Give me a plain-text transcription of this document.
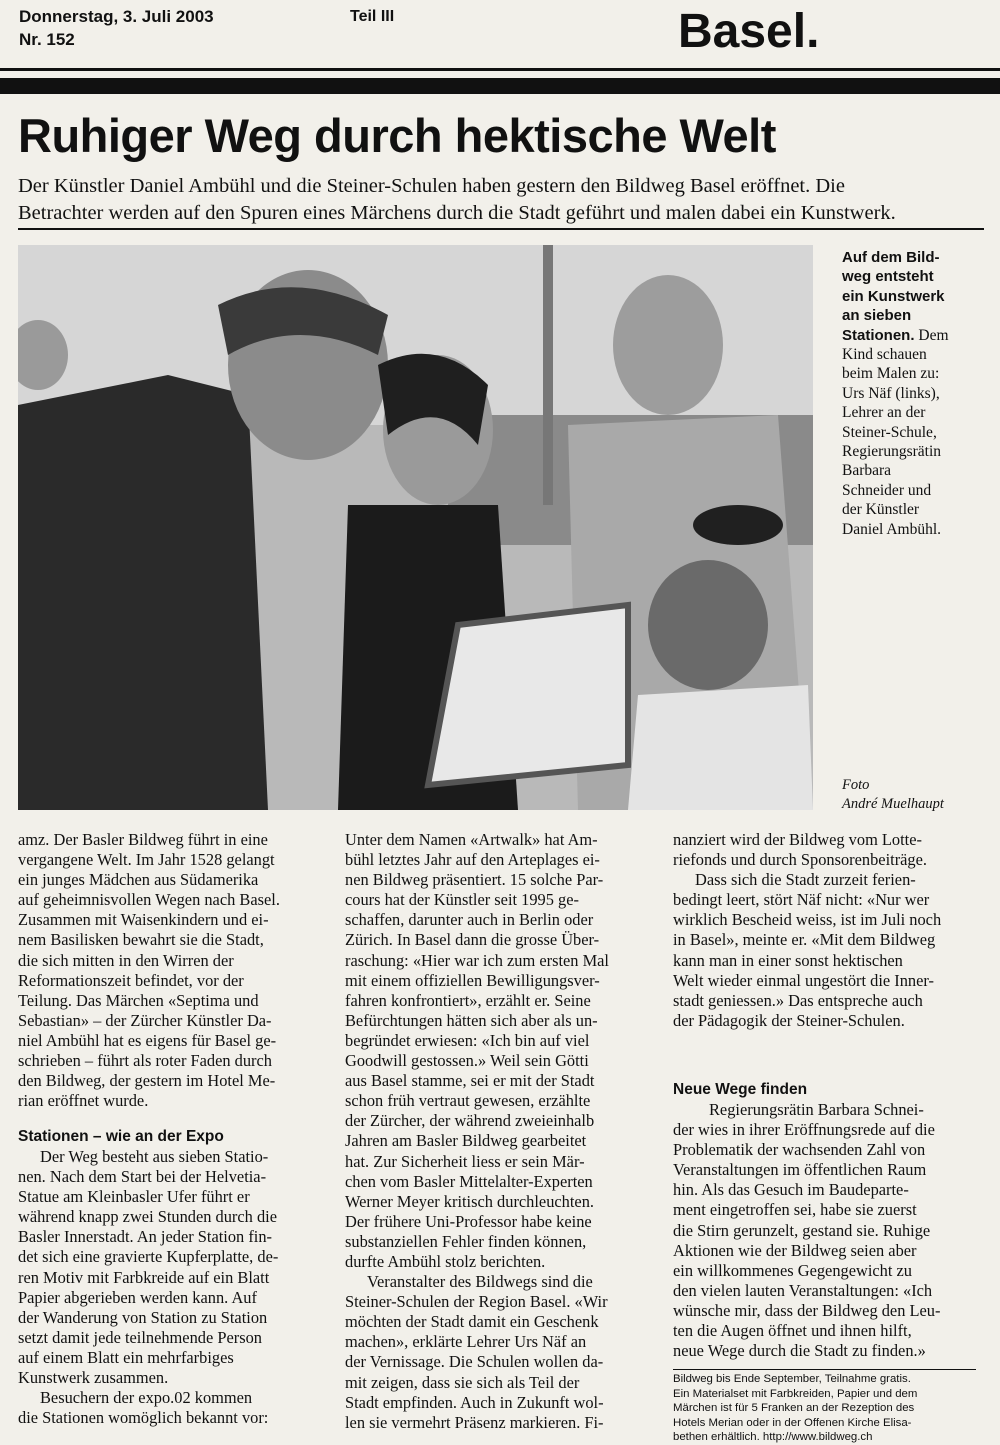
Donnerstag, 3. Juli 2003
Nr. 152
Teil III	Basel.
Ruhiger Weg durch hektische Welt
Der Künstler Daniel Ambühl und die Steiner-Schulen haben gestern den Bildweg Basel eröffnet. Die
Betrachter werden auf den Spuren eines Märchens durch die Stadt geführt und malen dabei ein Kunstwerk.
Auf dem Bild-
weg entsteht
ein Kunstwerk
an sieben
Stationen. Dem
Kind schauen
beim Malen zu:
Urs Näf (links),
Lehrer an der
Steiner-Schule,
Regierungsrätin
Barbara
Schneider und
der Künstler
Daniel Ambühl.
Foto
André Muelhaupt
amz. Der Basler Bildweg führt in eine
vergangene Welt. Im Jahr 1528 gelangt
ein junges Mädchen aus Südamerika
auf geheimnisvollen Wegen nach Basel.
Zusammen mit Waisenkindern und ei-
nem Basilisken bewahrt sie die Stadt,
die sich mitten in den Wirren der
Reformationszeit befindet, vor der
Teilung. Das Märchen «Septima und
Sebastian» – der Zürcher Künstler Da-
niel Ambühl hat es eigens für Basel ge-
schrieben – führt als roter Faden durch
den Bildweg, der gestern im Hotel Me-
rian eröffnet wurde.
Stationen – wie an der Expo
Der Weg besteht aus sieben Statio-
nen. Nach dem Start bei der Helvetia-
Statue am Kleinbasler Ufer führt er
während knapp zwei Stunden durch die
Basler Innerstadt. An jeder Station fin-
det sich eine gravierte Kupferplatte, de-
ren Motiv mit Farbkreide auf ein Blatt
Papier abgerieben werden kann. Auf
der Wanderung von Station zu Station
setzt damit jede teilnehmende Person
auf einem Blatt ein mehrfarbiges
Kunstwerk zusammen.
Besuchern der expo.02 kommen
die Stationen womöglich bekannt vor:
Unter dem Namen «Artwalk» hat Am-
bühl letztes Jahr auf den Arteplages ei-
nen Bildweg präsentiert. 15 solche Par-
cours hat der Künstler seit 1995 ge-
schaffen, darunter auch in Berlin oder
Zürich. In Basel dann die grosse Über-
raschung: «Hier war ich zum ersten Mal
mit einem offiziellen Bewilligungsver-
fahren konfrontiert», erzählt er. Seine
Befürchtungen hätten sich aber als un-
begründet erwiesen: «Ich bin auf viel
Goodwill gestossen.» Weil sein Götti
aus Basel stamme, sei er mit der Stadt
schon früh vertraut gewesen, erzählte
der Zürcher, der während zweieinhalb
Jahren am Basler Bildweg gearbeitet
hat. Zur Sicherheit liess er sein Mär-
chen vom Basler Mittelalter-Experten
Werner Meyer kritisch durchleuchten.
Der frühere Uni-Professor habe keine
substanziellen Fehler finden können,
durfte Ambühl stolz berichten.
Veranstalter des Bildwegs sind die
Steiner-Schulen der Region Basel. «Wir
möchten der Stadt damit ein Geschenk
machen», erklärte Lehrer Urs Näf an
der Vernissage. Die Schulen wollen da-
mit zeigen, dass sie sich als Teil der
Stadt empfinden. Auch in Zukunft wol-
len sie vermehrt Präsenz markieren. Fi-
nanziert wird der Bildweg vom Lotte-
riefonds und durch Sponsorenbeiträge.
Dass sich die Stadt zurzeit ferien-
bedingt leert, stört Näf nicht: «Nur wer
wirklich Bescheid weiss, ist im Juli noch
in Basel», meinte er. «Mit dem Bildweg
kann man in einer sonst hektischen
Welt wieder einmal ungestört die Inner-
stadt geniessen.» Das entspreche auch
der Pädagogik der Steiner-Schulen.
Neue Wege finden
Regierungsrätin Barbara Schnei-
der wies in ihrer Eröffnungsrede auf die
Problematik der wachsenden Zahl von
Veranstaltungen im öffentlichen Raum
hin. Als das Gesuch im Baudeparte-
ment eingetroffen sei, habe sie zuerst
die Stirn gerunzelt, gestand sie. Ruhige
Aktionen wie der Bildweg seien aber
ein willkommenes Gegengewicht zu
den vielen lauten Veranstaltungen: «Ich
wünsche mir, dass der Bildweg den Leu-
ten die Augen öffnet und ihnen hilft,
neue Wege durch die Stadt zu finden.»
Bildweg bis Ende September, Teilnahme gratis.
Ein Materialset mit Farbkreiden, Papier und dem
Märchen ist für 5 Franken an der Rezeption des
Hotels Merian oder in der Offenen Kirche Elisa-
bethen erhältlich. http://www.bildweg.ch
